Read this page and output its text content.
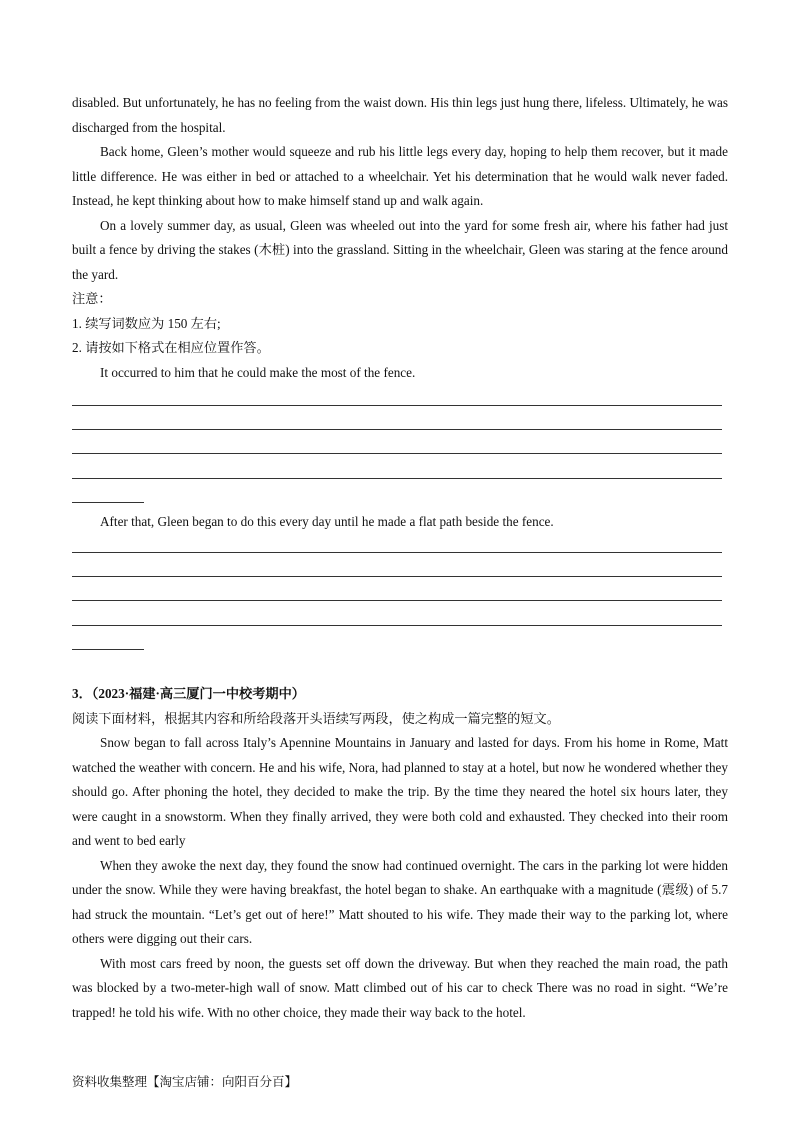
disabled. But unfortunately, he has no feeling from the waist down. His thin legs just hung there, lifeless. Ultimately, he was discharged from the hospital.

Back home, Gleen’s mother would squeeze and rub his little legs every day, hoping to help them recover, but it made little difference. He was either in bed or attached to a wheelchair. Yet his determination that he would walk never faded. Instead, he kept thinking about how to make himself stand up and walk again.

On a lovely summer day, as usual, Gleen was wheeled out into the yard for some fresh air, where his father had just built a fence by driving the stakes (木桩) into the grassland. Sitting in the wheelchair, Gleen was staring at the fence around the yard.

注意：

1. 续写词数应为 150 左右;

2. 请按如下格式在相应位置作答。

It occurred to him that he could make the most of the fence.

After that, Gleen began to do this every day until he made a flat path beside the fence.

3．（2023·福建·高三厦门一中校考期中）

阅读下面材料，根据其内容和所给段落开头语续写两段，使之构成一篇完整的短文。

Snow began to fall across Italy’s Apennine Mountains in January and lasted for days. From his home in Rome, Matt watched the weather with concern. He and his wife, Nora, had planned to stay at a hotel, but now he wondered whether they should go. After phoning the hotel, they decided to make the trip. By the time they neared the hotel six hours later, they were caught in a snowstorm. When they finally arrived, they were both cold and exhausted. They checked into their room and went to bed early

When they awoke the next day, they found the snow had continued overnight. The cars in the parking lot were hidden under the snow. While they were having breakfast, the hotel began to shake. An earthquake with a magnitude (震级) of 5.7 had struck the mountain. “Let’s get out of here!” Matt shouted to his wife. They made their way to the parking lot, where others were digging out their cars.

With most cars freed by noon, the guests set off down the driveway. But when they reached the main road, the path was blocked by a two-meter-high wall of snow. Matt climbed out of his car to check There was no road in sight. “We’re trapped! he told his wife. With no other choice, they made their way back to the hotel.

资料收集整理【淘宝店铺：向阳百分百】
